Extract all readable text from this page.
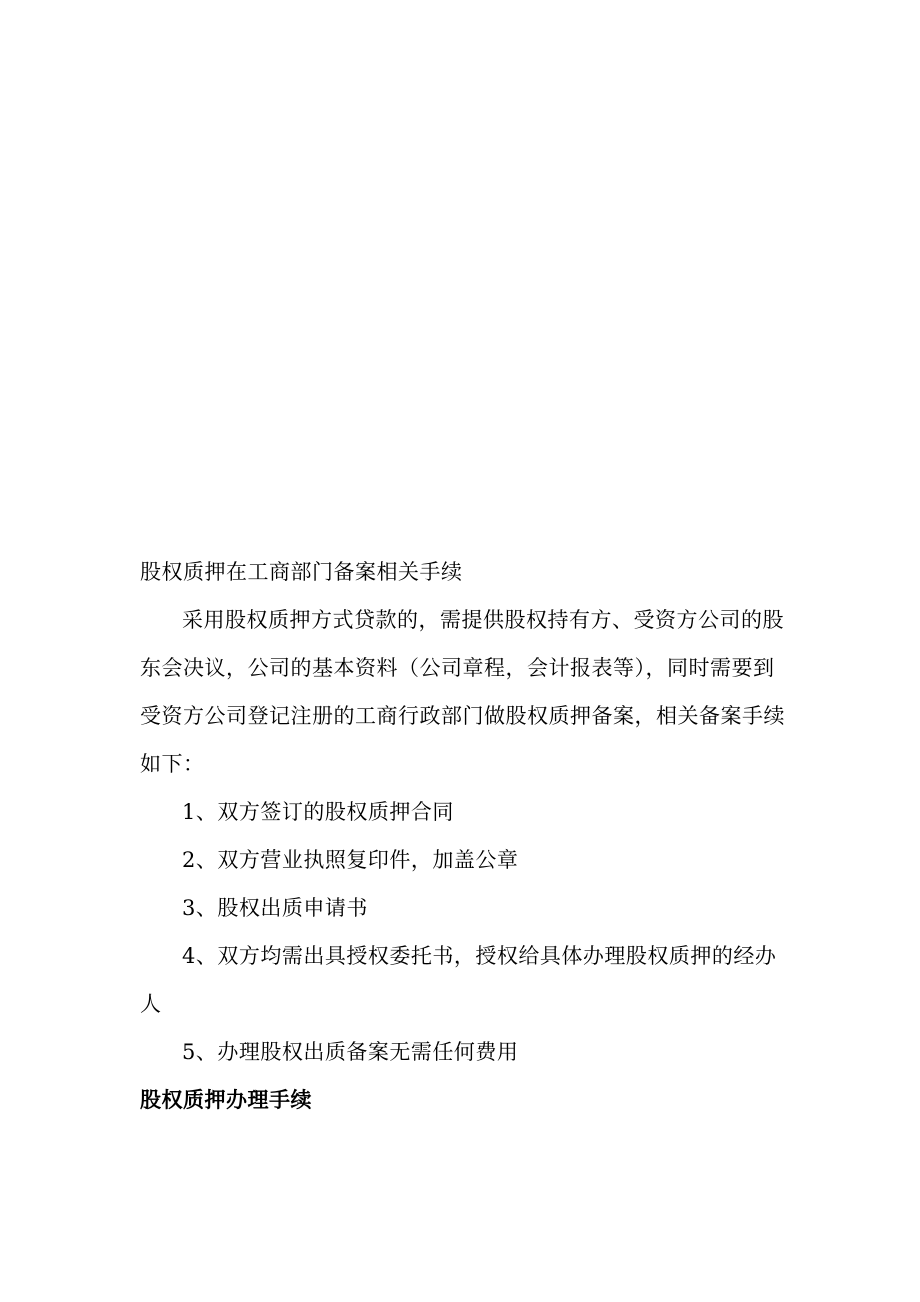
股权质押在工商部门备案相关手续
采用股权质押方式贷款的，需提供股权持有方、受资方公司的股
东会决议，公司的基本资料（公司章程，会计报表等），同时需要到
受资方公司登记注册的工商行政部门做股权质押备案，相关备案手续
如下：
1、双方签订的股权质押合同
2、双方营业执照复印件，加盖公章
3、股权出质申请书
4、双方均需出具授权委托书，授权给具体办理股权质押的经办
人
5、办理股权出质备案无需任何费用
股权质押办理手续
